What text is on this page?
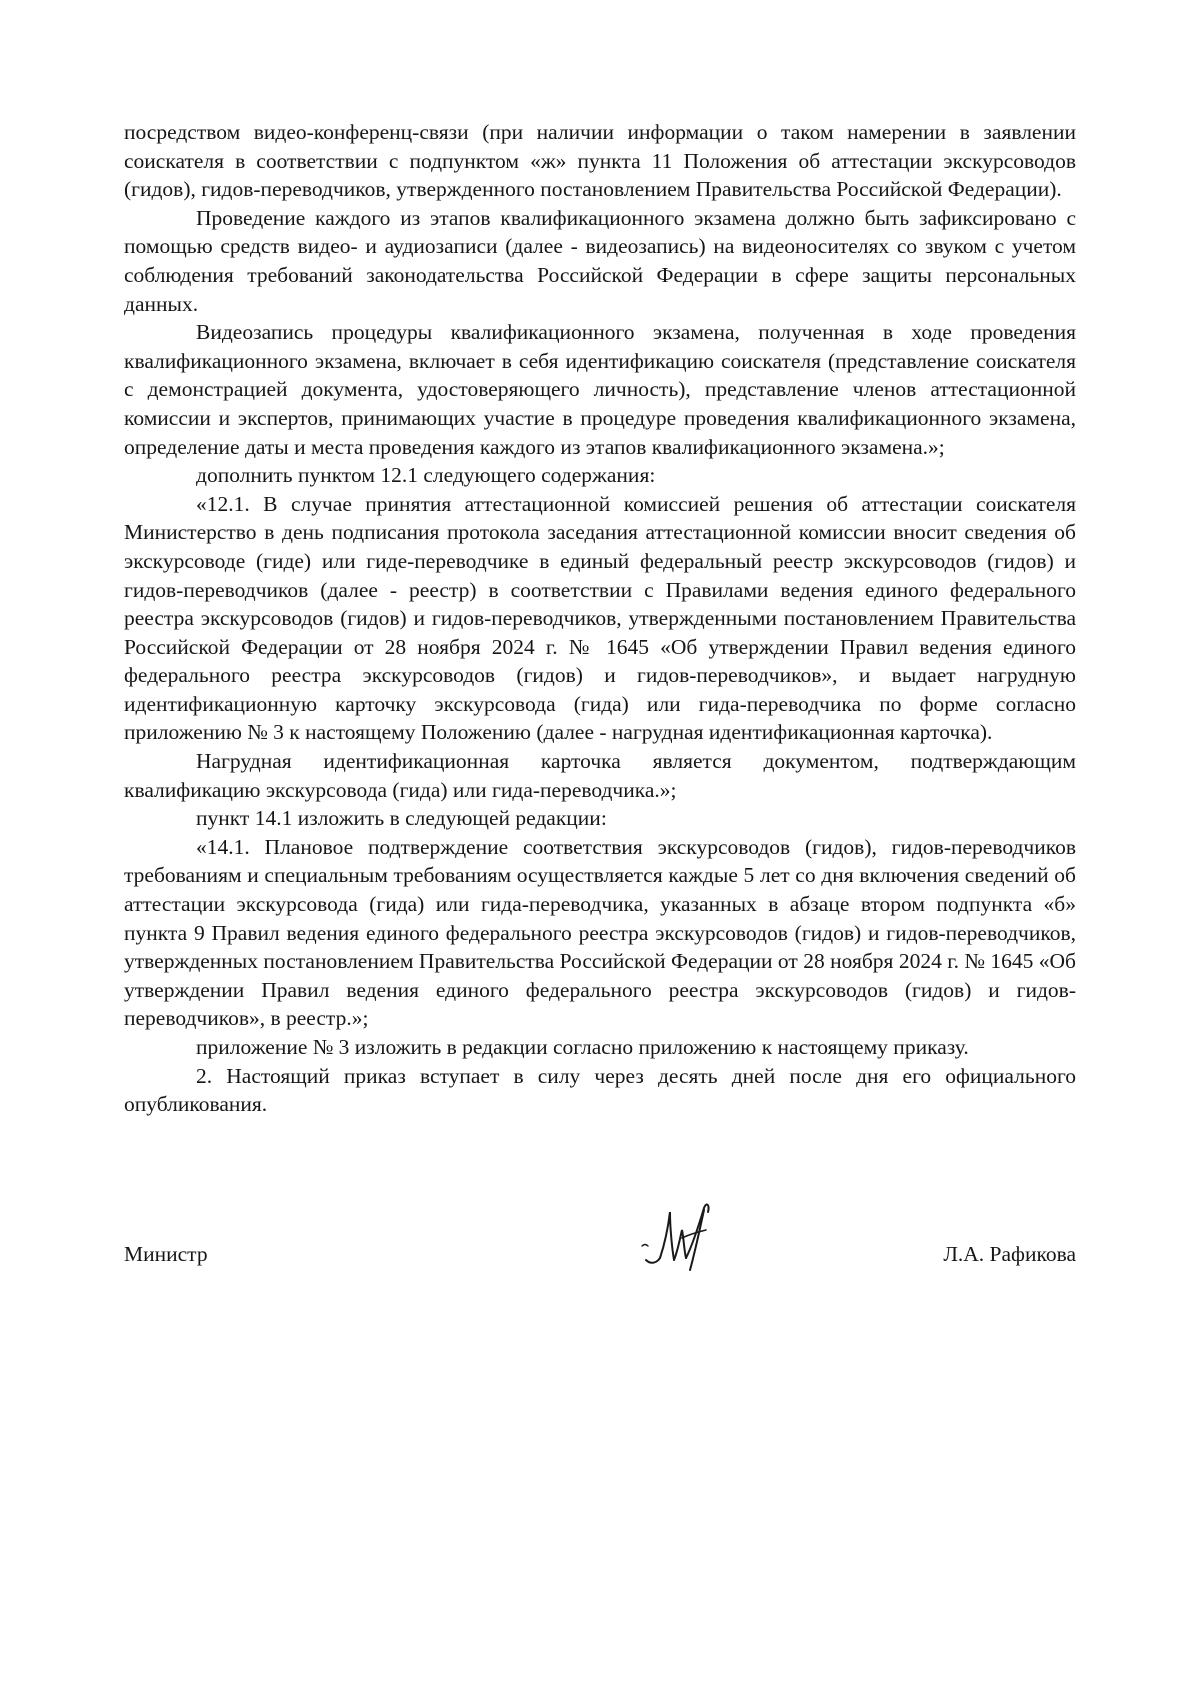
посредством видео-конференц-связи (при наличии информации о таком намерении в заявлении соискателя в соответствии с подпунктом «ж» пункта 11 Положения об аттестации экскурсоводов (гидов), гидов-переводчиков, утвержденного постановлением Правительства Российской Федерации).

Проведение каждого из этапов квалификационного экзамена должно быть зафиксировано с помощью средств видео- и аудиозаписи (далее - видеозапись) на видеоносителях со звуком с учетом соблюдения требований законодательства Российской Федерации в сфере защиты персональных данных.

Видеозапись процедуры квалификационного экзамена, полученная в ходе проведения квалификационного экзамена, включает в себя идентификацию соискателя (представление соискателя с демонстрацией документа, удостоверяющего личность), представление членов аттестационной комиссии и экспертов, принимающих участие в процедуре проведения квалификационного экзамена, определение даты и места проведения каждого из этапов квалификационного экзамена.»;

дополнить пунктом 12.1 следующего содержания:

«12.1. В случае принятия аттестационной комиссией решения об аттестации соискателя Министерство в день подписания протокола заседания аттестационной комиссии вносит сведения об экскурсоводе (гиде) или гиде-переводчике в единый федеральный реестр экскурсоводов (гидов) и гидов-переводчиков (далее - реестр) в соответствии с Правилами ведения единого федерального реестра экскурсоводов (гидов) и гидов-переводчиков, утвержденными постановлением Правительства Российской Федерации от 28 ноября 2024 г. № 1645 «Об утверждении Правил ведения единого федерального реестра экскурсоводов (гидов) и гидов-переводчиков», и выдает нагрудную идентификационную карточку экскурсовода (гида) или гида-переводчика по форме согласно приложению № 3 к настоящему Положению (далее - нагрудная идентификационная карточка).

Нагрудная идентификационная карточка является документом, подтверждающим квалификацию экскурсовода (гида) или гида-переводчика.»;

пункт 14.1 изложить в следующей редакции:

«14.1. Плановое подтверждение соответствия экскурсоводов (гидов), гидов-переводчиков требованиям и специальным требованиям осуществляется каждые 5 лет со дня включения сведений об аттестации экскурсовода (гида) или гида-переводчика, указанных в абзаце втором подпункта «б» пункта 9 Правил ведения единого федерального реестра экскурсоводов (гидов) и гидов-переводчиков, утвержденных постановлением Правительства Российской Федерации от 28 ноября 2024 г. № 1645 «Об утверждении Правил ведения единого федерального реестра экскурсоводов (гидов) и гидов-переводчиков», в реестр.»;

приложение № 3 изложить в редакции согласно приложению к настоящему приказу.

2. Настоящий приказ вступает в силу через десять дней после дня его официального опубликования.

Министр	Л.А. Рафикова
